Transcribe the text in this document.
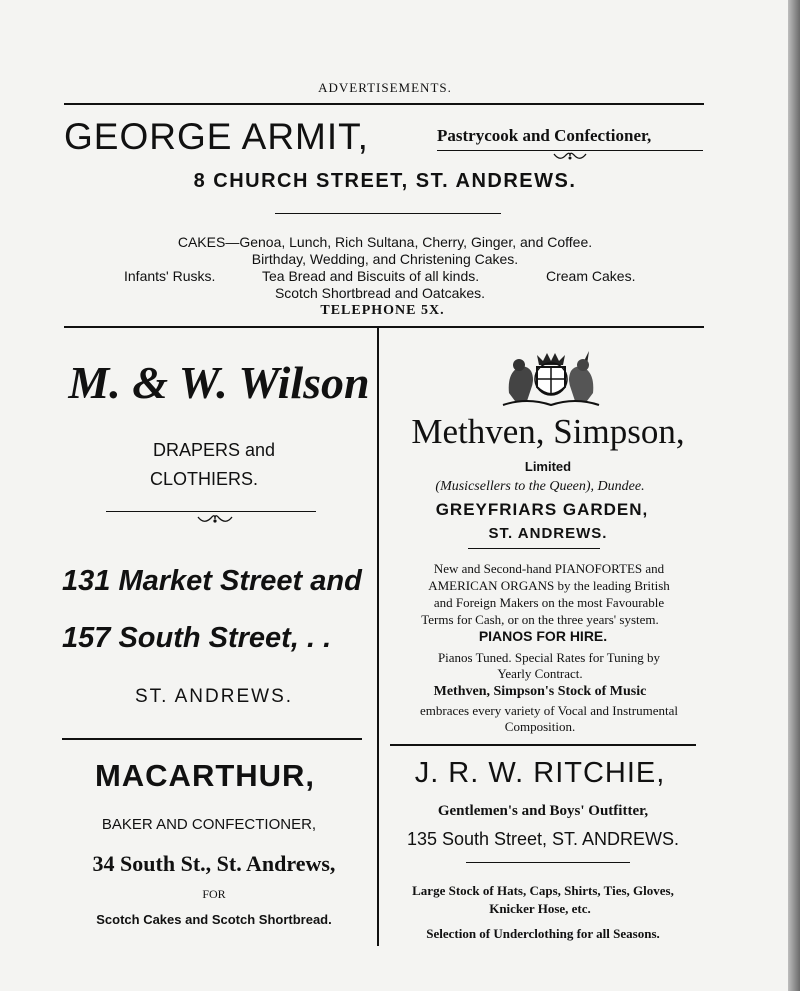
ADVERTISEMENTS.
GEORGE ARMIT,	Pastrycook and Confectioner,
8 CHURCH STREET, ST. ANDREWS.
CAKES—Genoa, Lunch, Rich Sultana, Cherry, Ginger, and Coffee.
Birthday, Wedding, and Christening Cakes.
Infants' Rusks.	Tea Bread and Biscuits of all kinds.	Cream Cakes.
Scotch Shortbread and Oatcakes.
TELEPHONE 5X.
M. & W. Wilson
DRAPERS and
CLOTHIERS.
131 Market Street and
157 South Street, . .
ST. ANDREWS.
MACARTHUR,
BAKER AND CONFECTIONER,
34 South St., St. Andrews,
FOR
Scotch Cakes and Scotch Shortbread.
Methven, Simpson,
Limited
(Musicsellers to the Queen), Dundee.
GREYFRIARS GARDEN,
ST. ANDREWS.
New and Second-hand PIANOFORTES and
AMERICAN ORGANS by the leading British
and Foreign Makers on the most Favourable
Terms for Cash, or on the three years' system.
PIANOS FOR HIRE.
Pianos Tuned. Special Rates for Tuning by
Yearly Contract.
Methven, Simpson's Stock of Music
embraces every variety of Vocal and Instrumental
Composition.
J. R. W. RITCHIE,
Gentlemen's and Boys' Outfitter,
135 South Street, ST. ANDREWS.
Large Stock of Hats, Caps, Shirts, Ties, Gloves,
Knicker Hose, etc.
Selection of Underclothing for all Seasons.
